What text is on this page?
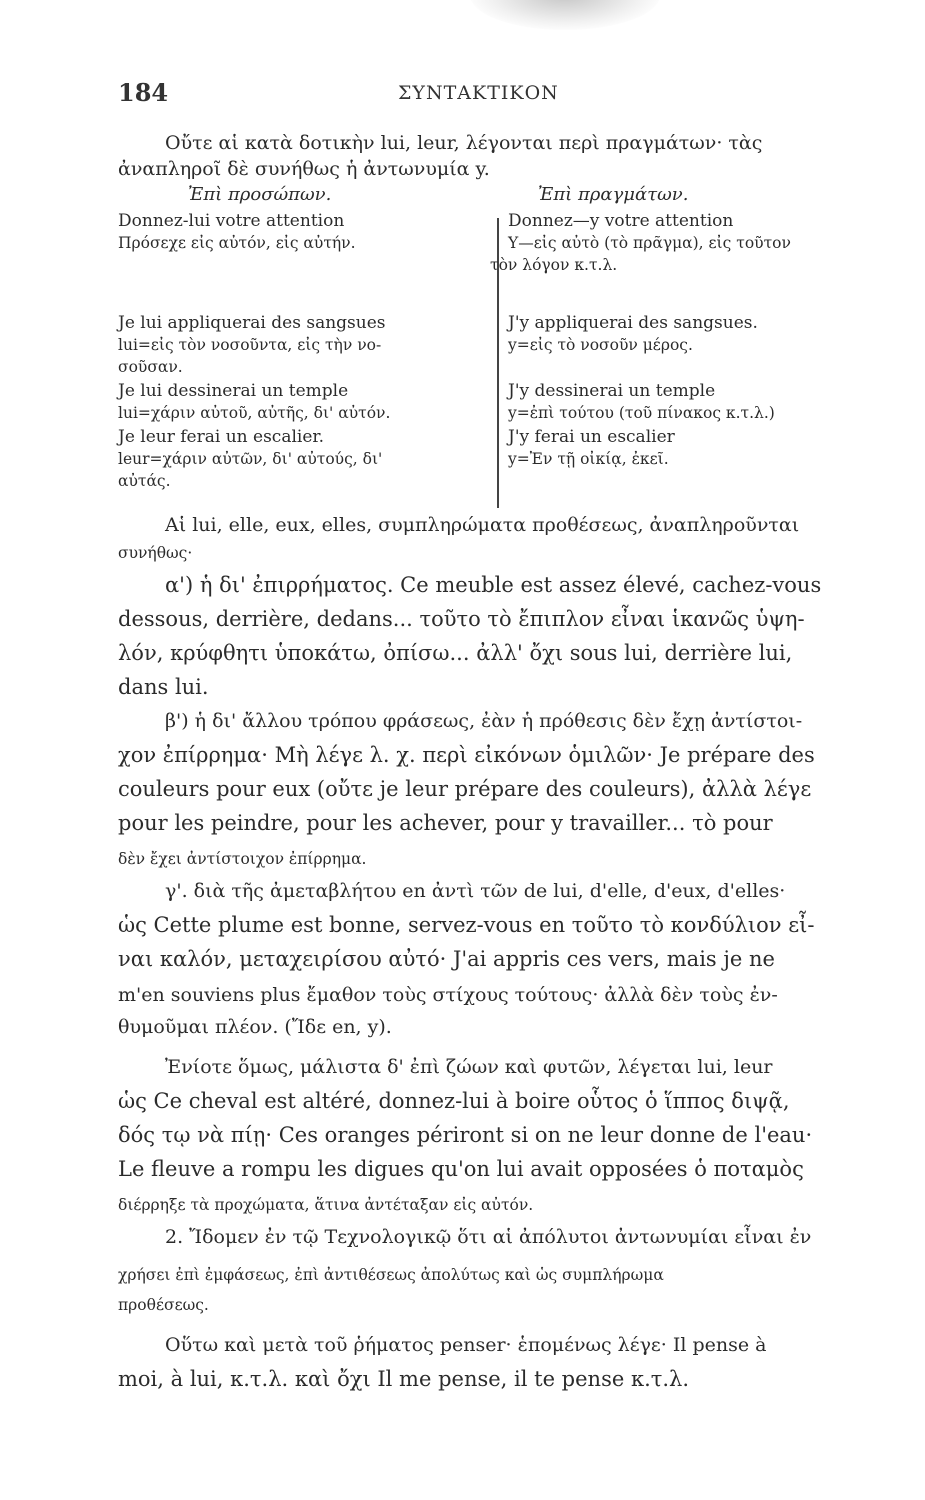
184	ΣΥΝΤΑΚΤΙΚΟΝ
Οὔτε αἱ κατὰ δοτικὴν lui, leur, λέγονται περὶ πραγμάτων· τὰς
ἀναπληροῖ δὲ συνήθως ἡ ἀντωνυμία y.
Ἐπὶ προσώπων.
Donnez-lui votre attention
Πρόσεχε εἰς αὐτόν, εἰς αὐτήν.
Je lui appliquerai des sangsues
lui=εἰς τὸν νοσοῦντα, εἰς τὴν νο-
σοῦσαν.
Je lui dessinerai un temple
lui=χάριν αὐτοῦ, αὐτῆς, δι' αὐτόν.
Je leur ferai un escalier.
leur=χάριν αὐτῶν, δι' αὐτούς, δι'
αὐτάς.
Ἐπὶ πραγμάτων.
Donnez—y votre attention
Y—εἰς αὐτὸ (τὸ πρᾶγμα), εἰς τοῦτον
τὸν λόγον κ.τ.λ.
J'y appliquerai des sangsues.
y=εἰς τὸ νοσοῦν μέρος.
J'y dessinerai un temple
y=ἐπὶ τούτου (τοῦ πίνακος κ.τ.λ.)
J'y ferai un escalier
y=Ἐν τῇ οἰκίᾳ, ἐκεῖ.
Αἱ lui, elle, eux, elles, συμπληρώματα προθέσεως, ἀναπληροῦνται
συνήθως·
α') ἡ δι' ἐπιρρήματος. Ce meuble est assez élevé, cachez-vous
dessous, derrière, dedans... τοῦτο τὸ ἔπιπλον εἶναι ἱκανῶς ὑψη-
λόν, κρύφθητι ὑποκάτω, ὀπίσω... ἀλλ' ὄχι sous lui, derrière lui,
dans lui.
β') ἡ δι' ἄλλου τρόπου φράσεως, ἐὰν ἡ πρόθεσις δὲν ἔχῃ ἀντίστοι-
χον ἐπίρρημα· Μὴ λέγε λ. χ. περὶ εἰκόνων ὁμιλῶν· Je prépare des
couleurs pour eux (οὔτε je leur prépare des couleurs), ἀλλὰ λέγε
pour les peindre, pour les achever, pour y travailler... τὸ pour
δὲν ἔχει ἀντίστοιχον ἐπίρρημα.
γ'. διὰ τῆς ἀμεταβλήτου en ἀντὶ τῶν de lui, d'elle, d'eux, d'elles·
ὡς Cette plume est bonne, servez-vous en τοῦτο τὸ κονδύλιον εἶ-
ναι καλόν, μεταχειρίσου αὐτό· J'ai appris ces vers, mais je ne
m'en souviens plus ἔμαθον τοὺς στίχους τούτους· ἀλλὰ δὲν τοὺς ἐν-
θυμοῦμαι πλέον. (Ἴδε en, y).
Ἐνίοτε ὅμως, μάλιστα δ' ἐπὶ ζώων καὶ φυτῶν, λέγεται lui, leur
ὡς Ce cheval est altéré, donnez-lui à boire οὗτος ὁ ἵππος διψᾷ,
δός τῳ νὰ πίῃ· Ces oranges périront si on ne leur donne de l'eau·
Le fleuve a rompu les digues qu'on lui avait opposées ὁ ποταμὸς
διέρρηξε τὰ προχώματα, ἅτινα ἀντέταξαν εἰς αὐτόν.
2. Ἴδομεν ἐν τῷ Τεχνολογικῷ ὅτι αἱ ἀπόλυτοι ἀντωνυμίαι εἶναι ἐν
χρήσει ἐπὶ ἐμφάσεως, ἐπὶ ἀντιθέσεως ἀπολύτως καὶ ὡς συμπλήρωμα
προθέσεως.
Οὕτω καὶ μετὰ τοῦ ῥήματος penser· ἑπομένως λέγε· Il pense à
moi, à lui, κ.τ.λ. καὶ ὄχι Il me pense, il te pense κ.τ.λ.
